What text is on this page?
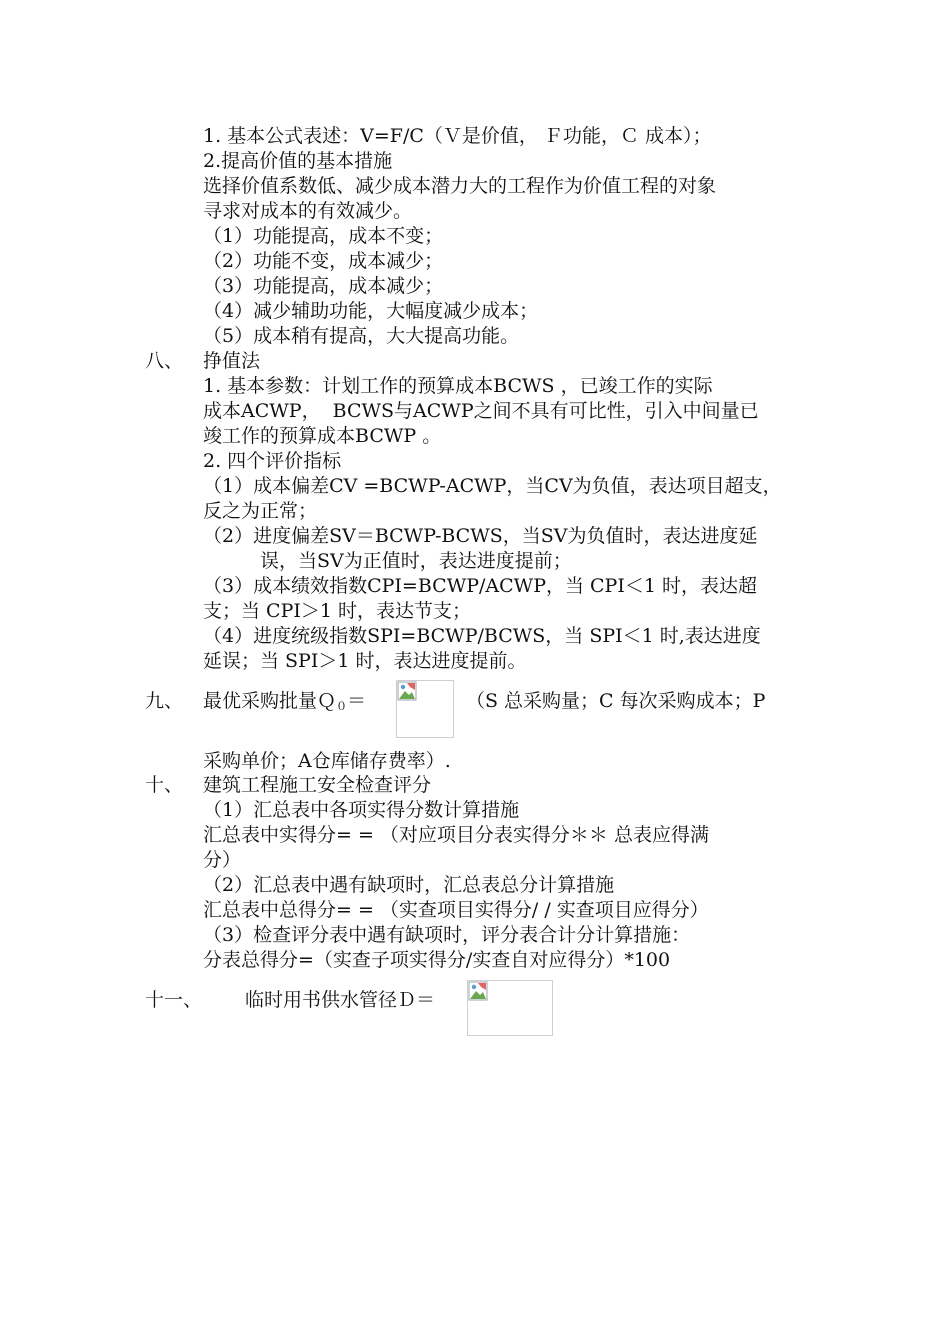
1. 基本公式表述：V=F/C（Ｖ是价值， Ｆ功能，Ｃ 成本）；
2.提高价值的基本措施
选择价值系数低、减少成本潜力大的工程作为价值工程的对象
寻求对成本的有效减少。
（1）功能提高，成本不变；
（2）功能不变，成本减少；
（3）功能提高，成本减少；
（4）减少辅助功能，大幅度减少成本；
（5）成本稍有提高，大大提高功能。
八、 挣值法
1. 基本参数：计划工作的预算成本BCWS ，已竣工作的实际
成本ACWP，  BCWS与ACWP之间不具有可比性，引入中间量已
竣工作的预算成本BCWP 。
2. 四个评价指标
（1）成本偏差CV =BCWP-ACWP，当CV为负值，表达项目超支，
反之为正常；
（2）进度偏差SV＝BCWP-BCWS，当SV为负值时，表达进度延
误，当SV为正值时，表达进度提前；
（3）成本绩效指数CPI=BCWP/ACWP，当 CPI＜1 时，表达超
支；当 CPI＞1 时，表达节支；
（4）进度统级指数SPI=BCWP/BCWS，当 SPI＜1 时,表达进度
延误；当 SPI＞1 时，表达进度提前。
九、 最优采购批量Ｑ$_0$＝	（S 总采购量；C 每次采购成本；P
采购单价；A仓库储存费率）.
十、 建筑工程施工安全检查评分
（1）汇总表中各项实得分数计算措施
汇总表中实得分= = （对应项目分表实得分＊＊ 总表应得满
分）
（2）汇总表中遇有缺项时，汇总表总分计算措施
汇总表中总得分= = （实查项目实得分/ / 实查项目应得分）
（3）检查评分表中遇有缺项时，评分表合计分计算措施：
分表总得分=（实查子项实得分/实查自对应得分）*100
十一、 临时用书供水管径Ｄ＝
